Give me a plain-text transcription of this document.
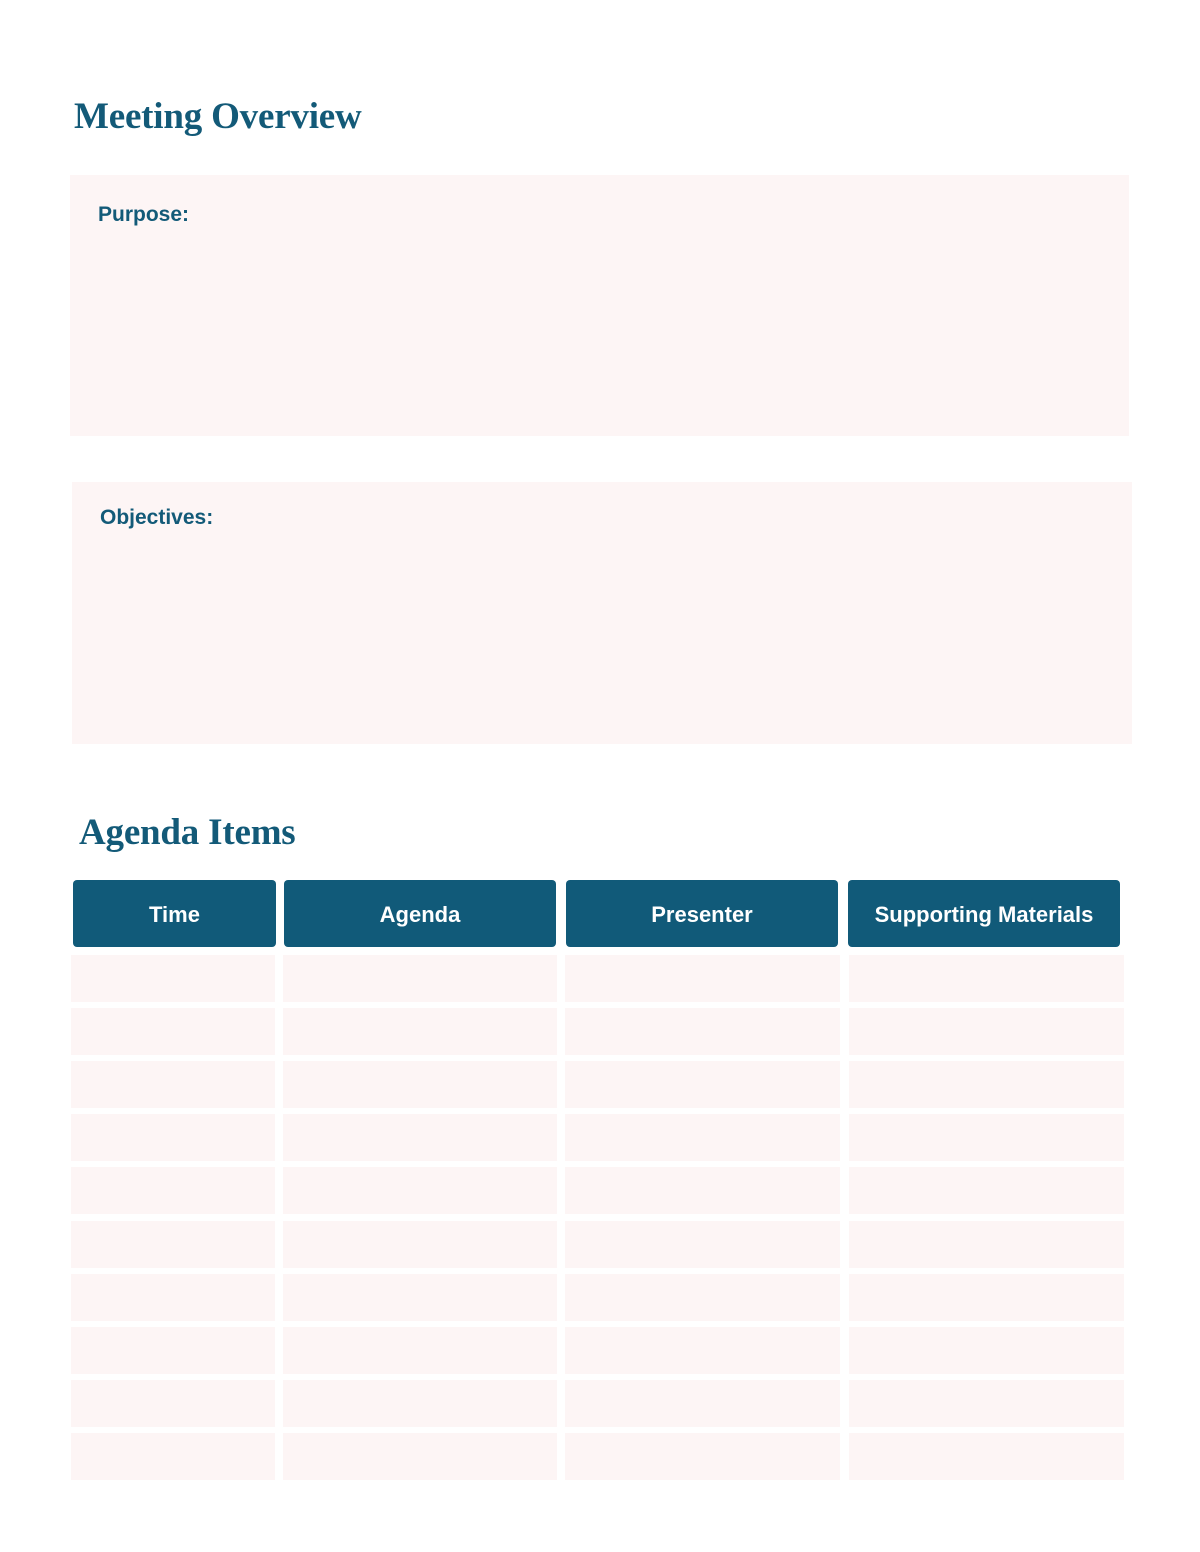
Meeting Overview
Purpose:
Objectives:
Agenda Items
Time	Agenda	Presenter	Supporting Materials
